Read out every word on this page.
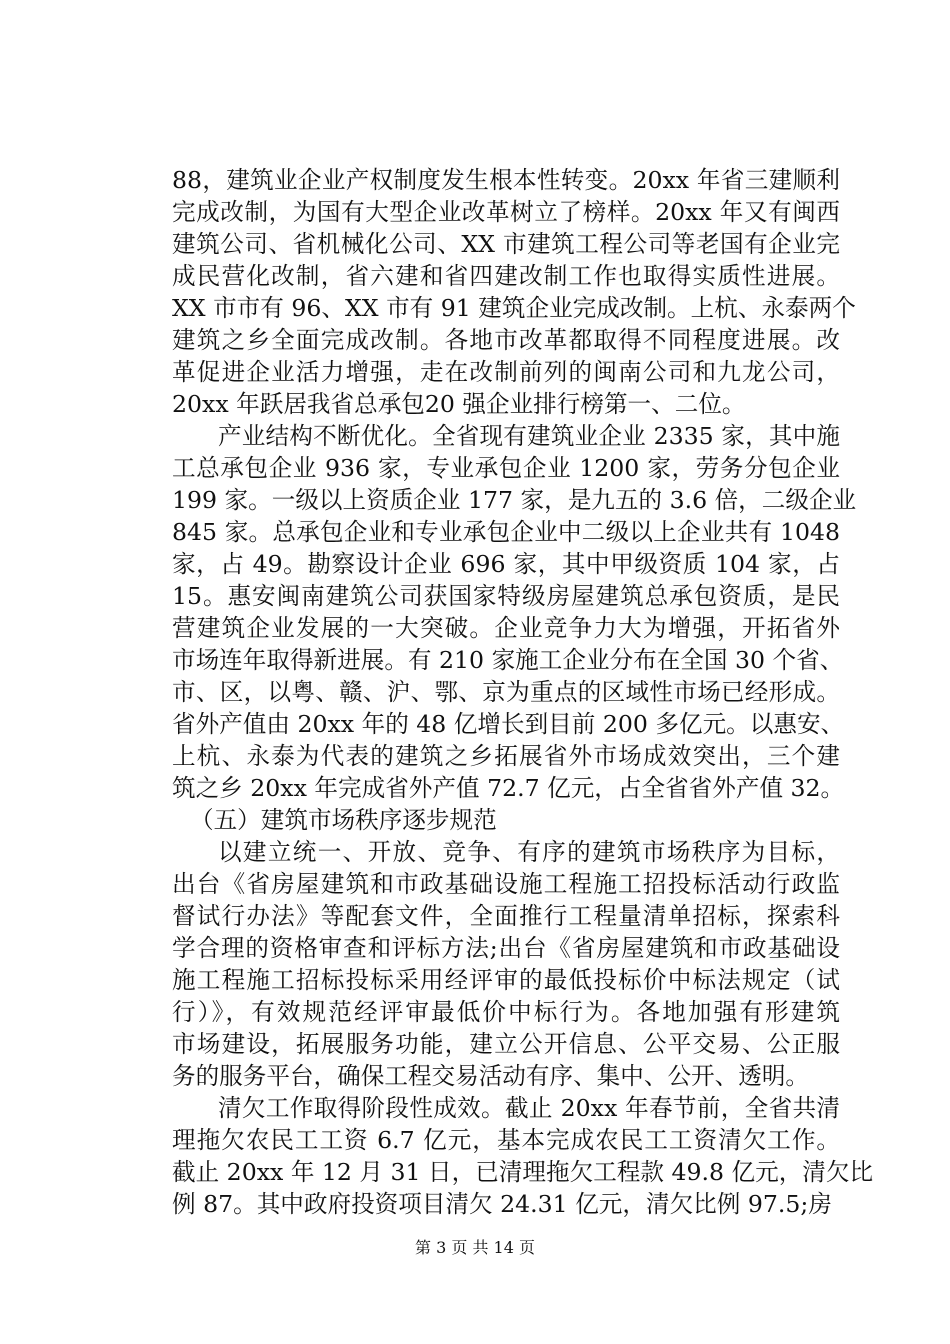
88，建筑业企业产权制度发生根本性转变。20xx 年省三建顺利
完成改制，为国有大型企业改革树立了榜样。20xx 年又有闽西
建筑公司、省机械化公司、XX 市建筑工程公司等老国有企业完
成民营化改制，省六建和省四建改制工作也取得实质性进展。
XX 市市有 96、XX 市有 91 建筑企业完成改制。上杭、永泰两个
建筑之乡全面完成改制。各地市改革都取得不同程度进展。改
革促进企业活力增强，走在改制前列的闽南公司和九龙公司，
20xx 年跃居我省总承包20 强企业排行榜第一、二位。
产业结构不断优化。全省现有建筑业企业 2335 家，其中施
工总承包企业 936 家，专业承包企业 1200 家，劳务分包企业
199 家。一级以上资质企业 177 家，是九五的 3.6 倍，二级企业
845 家。总承包企业和专业承包企业中二级以上企业共有 1048
家，占 49。勘察设计企业 696 家，其中甲级资质 104 家，占
15。惠安闽南建筑公司获国家特级房屋建筑总承包资质，是民
营建筑企业发展的一大突破。企业竞争力大为增强，开拓省外
市场连年取得新进展。有 210 家施工企业分布在全国 30 个省、
市、区，以粤、赣、沪、鄂、京为重点的区域性市场已经形成。
省外产值由 20xx 年的 48 亿增长到目前 200 多亿元。以惠安、
上杭、永泰为代表的建筑之乡拓展省外市场成效突出，三个建
筑之乡 20xx 年完成省外产值 72.7 亿元，占全省省外产值 32。
（五）建筑市场秩序逐步规范
以建立统一、开放、竞争、有序的建筑市场秩序为目标，
出台《省房屋建筑和市政基础设施工程施工招投标活动行政监
督试行办法》等配套文件，全面推行工程量清单招标，探索科
学合理的资格审查和评标方法;出台《省房屋建筑和市政基础设
施工程施工招标投标采用经评审的最低投标价中标法规定（试
行）》，有效规范经评审最低价中标行为。各地加强有形建筑
市场建设，拓展服务功能，建立公开信息、公平交易、公正服
务的服务平台，确保工程交易活动有序、集中、公开、透明。
清欠工作取得阶段性成效。截止 20xx 年春节前，全省共清
理拖欠农民工工资 6.7 亿元，基本完成农民工工资清欠工作。
截止 20xx 年 12 月 31 日，已清理拖欠工程款 49.8 亿元，清欠比
例 87。其中政府投资项目清欠 24.31 亿元，清欠比例 97.5;房
第 3 页 共 14 页
